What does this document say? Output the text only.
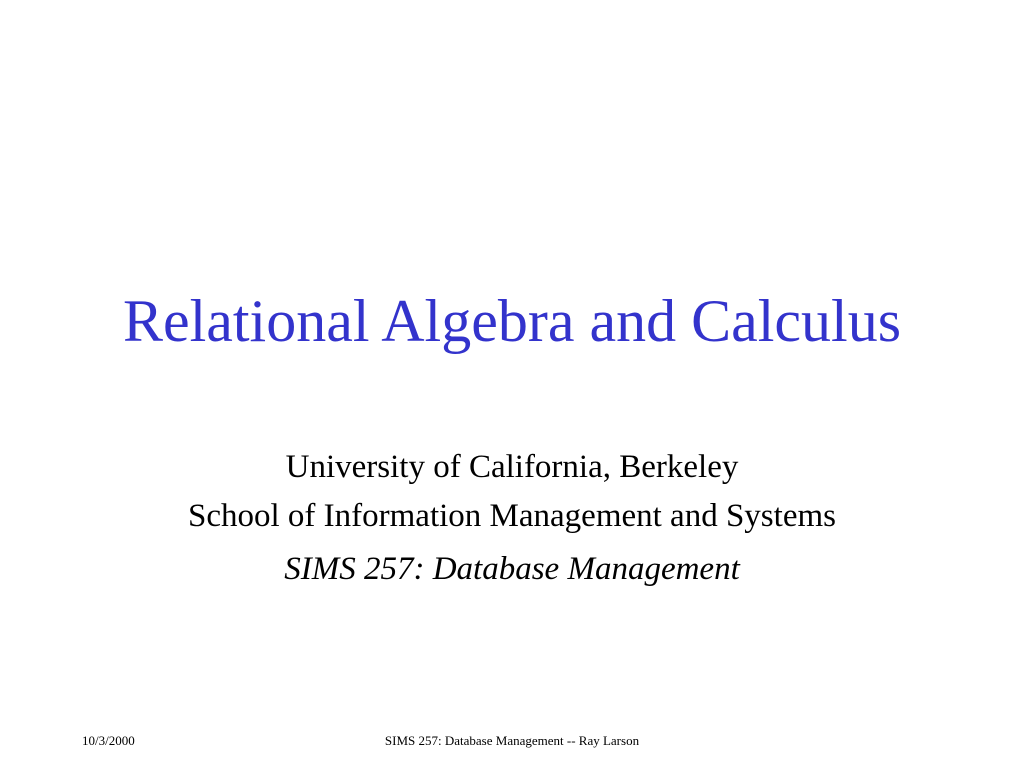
Relational Algebra and Calculus
University of California, Berkeley
School of Information Management and Systems
SIMS 257: Database Management
10/3/2000	SIMS 257: Database Management -- Ray Larson
